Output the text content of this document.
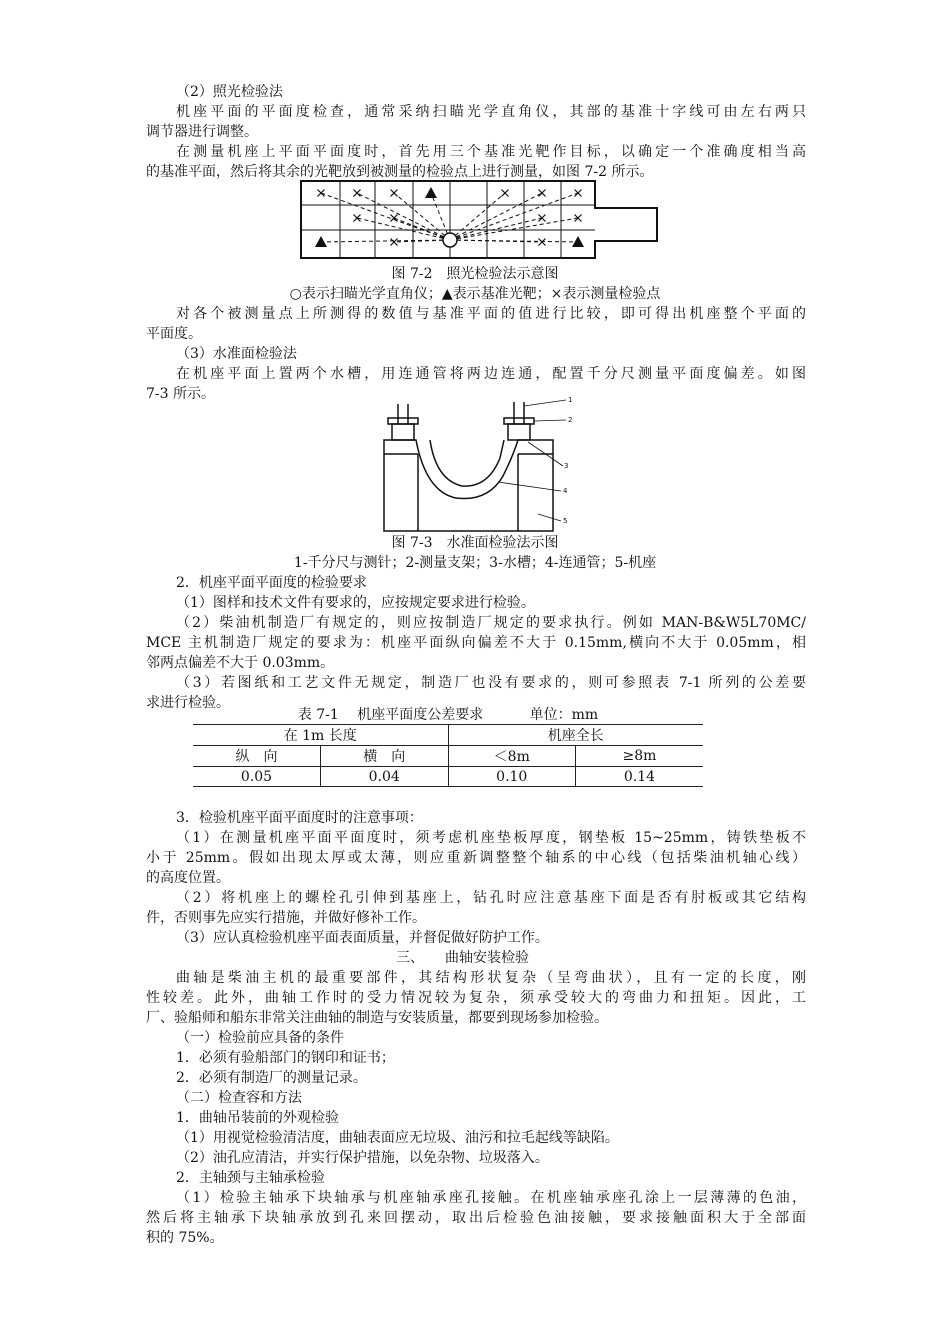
（2）照光检验法
机座平面的平面度检查，通常采纳扫瞄光学直角仪，其部的基准十字线可由左右两只
调节器进行调整。
在测量机座上平面平面度时，首先用三个基准光靶作目标，以确定一个准确度相当高
的基准平面，然后将其余的光靶放到被测量的检验点上进行测量，如图 7-2 所示。
图 7-2　照光检验法示意图
○表示扫瞄光学直角仪；▲表示基准光靶；×表示测量检验点
对各个被测量点上所测得的数值与基准平面的值进行比较，即可得出机座整个平面的
平面度。
（3）水准面检验法
在机座平面上置两个水槽，用连通管将两边连通，配置千分尺测量平面度偏差。如图
7-3 所示。	1
2
3
4
5
图 7-3　水准面检验法示图
1-千分尺与测针；2-测量支架；3-水槽；4-连通管；5-机座
2．机座平面平面度的检验要求
（1）图样和技术文件有要求的，应按规定要求进行检验。
（2）柴油机制造厂有规定的，则应按制造厂规定的要求执行。例如 MAN-B&W5L70MC/
MCE 主机制造厂规定的要求为：机座平面纵向偏差不大于 0.15mm,横向不大于 0.05mm，相
邻两点偏差不大于 0.03mm。
（3）若图纸和工艺文件无规定，制造厂也没有要求的，则可参照表 7-1 所列的公差要
求进行检验。
表 7-1　 机座平面度公差要求　　　 单位：mm
在 1m 长度		机座全长	
纵　向	横　向	＜8m	≥8m
0.05	0.04	0.10	0.14
3．检验机座平面平面度时的注意事项：
（1）在测量机座平面平面度时，须考虑机座垫板厚度，钢垫板 15~25mm，铸铁垫板不
小于 25mm。假如出现太厚或太薄，则应重新调整整个轴系的中心线（包括柴油机轴心线）
的高度位置。
（2）将机座上的螺栓孔引伸到基座上，钻孔时应注意基座下面是否有肘板或其它结构
件，否则事先应实行措施，并做好修补工作。
（3）应认真检验机座平面表面质量，并督促做好防护工作。
三、　　曲轴安装检验
曲轴是柴油主机的最重要部件，其结构形状复杂（呈弯曲状），且有一定的长度，刚
性较差。此外，曲轴工作时的受力情况较为复杂，须承受较大的弯曲力和扭矩。因此，工
厂、验船师和船东非常关注曲轴的制造与安装质量，都要到现场参加检验。
（一）检验前应具备的条件
1．必须有验船部门的钢印和证书；
2．必须有制造厂的测量记录。
（二）检查容和方法
1．曲轴吊装前的外观检验
（1）用视觉检验清洁度，曲轴表面应无垃圾、油污和拉毛起线等缺陷。
（2）油孔应清洁，并实行保护措施，以免杂物、垃圾落入。
2．主轴颈与主轴承检验
（1）检验主轴承下块轴承与机座轴承座孔接触。在机座轴承座孔涂上一层薄薄的色油，
然后将主轴承下块轴承放到孔来回摆动，取出后检验色油接触，要求接触面积大于全部面
积的 75%。
